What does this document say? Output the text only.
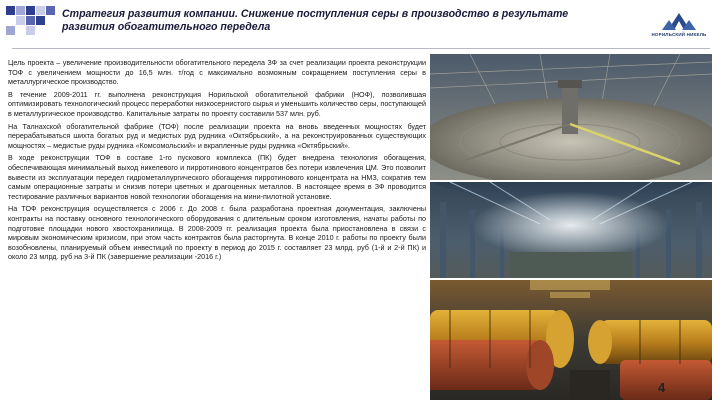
Стратегия развития компании. Снижение поступления серы в производство в результате
развития обогатительного передела
НОРИЛЬСКИЙ НИКЕЛЬ

Цель проекта – увеличение производительности обогатительного передела ЗФ за счет реализации проекта реконструкции ТОФ с увеличением мощности до 16,5 млн. т/год с максимально возможным сокращением поступления серы в металлургическое производство.

В течение 2009-2011 гг. выполнена реконструкция Норильской обогатительной фабрики (НОФ), позволившая оптимизировать технологический процесс переработки низкосернистого сырья и уменьшить количество серы, поступающей в металлургическое производство. Капитальные затраты по проекту составили 537 млн. руб.

На Талнахской обогатительной фабрике (ТОФ) после реализации проекта на вновь введенных мощностях будет перерабатываться шихта богатых руд и медистых руд рудника «Октябрьский», а на реконструированных существующих мощностях – медистые руды рудника «Комсомольский» и вкрапленные руды рудника «Октябрьский».

В ходе реконструкции ТОФ в составе 1-го пускового комплекса (ПК) будет внедрена технология обогащения, обеспечивающая минимальный выход никелевого и пирротинового концентратов без потери извлечения ЦМ. Это позволит вывести из эксплуатации передел гидрометаллургического обогащения пирротинового концентрата на НМЗ, сократив тем самым операционные затраты и снизив потери цветных и драгоценных металлов. В настоящее время в ЗФ проводится тестирование различных вариантов новой технологии обогащения на мини-пилотной установке.

На ТОФ реконструкция осуществляется с 2006 г. До 2008 г. была разработана проектная документация, заключены контракты на поставку основного технологического оборудования с длительным сроком изготовления, начаты работы по подготовке площадки нового хвостохранилища. В 2008-2009 гг. реализация проекта была приостановлена в связи с мировым экономическим кризисом, при этом часть контрактов была расторгнута. В конце 2010 г. работы по проекту были возобновлены, планируемый объем инвестиций по проекту в период до 2015 г. составляет 23 млрд. руб (1-й и 2-й ПК) и около 23 млрд. руб на 3-й ПК (завершение реализации -2016 г.)

4
